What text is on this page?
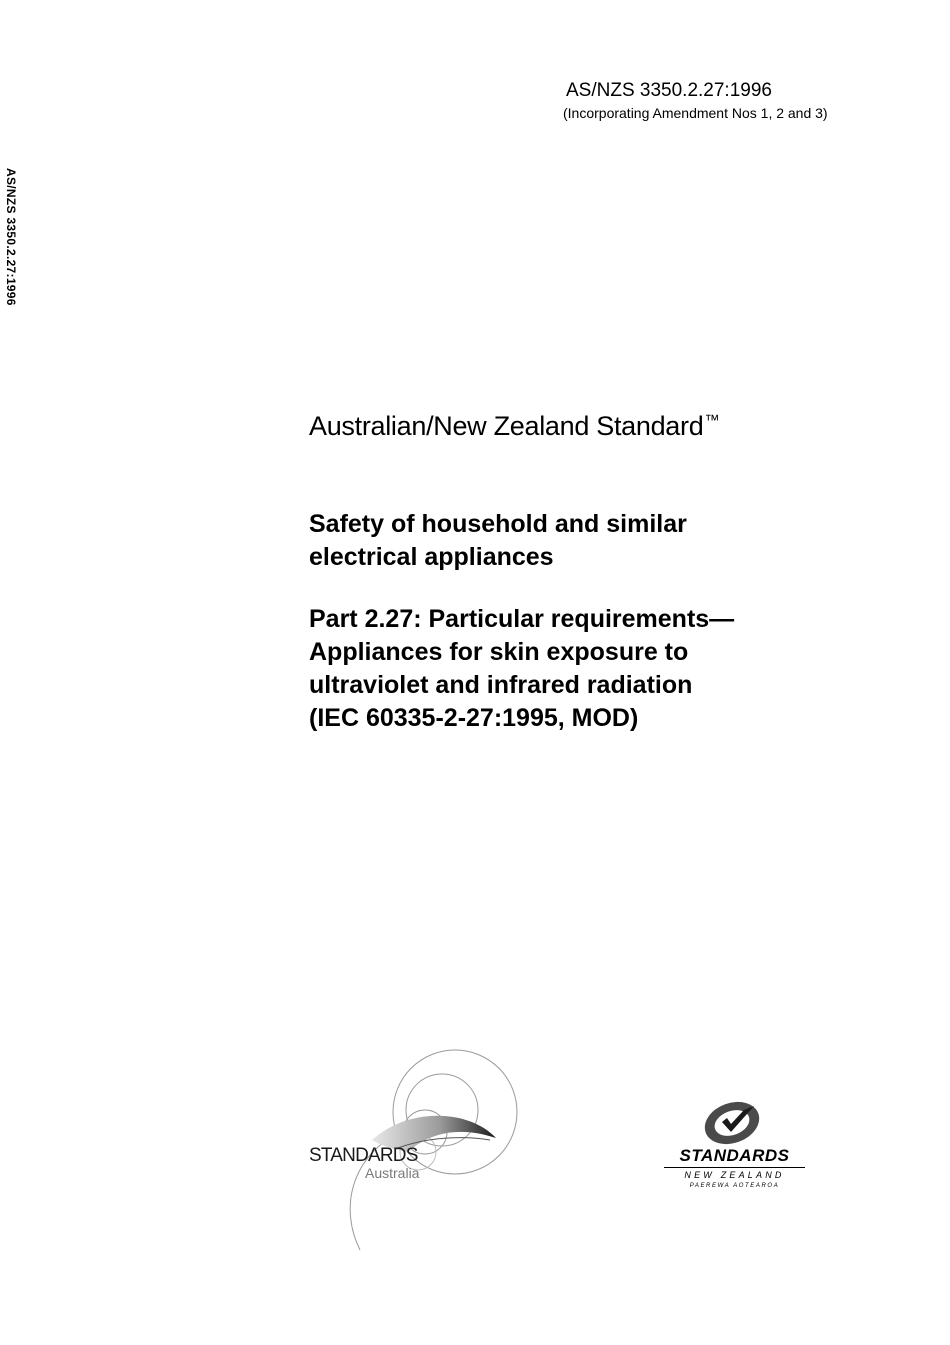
AS/NZS 3350.2.27:1996
(Incorporating Amendment Nos 1, 2 and 3)
AS/NZS 3350.2.27:1996
Australian/New Zealand Standard™
Safety of household and similar
electrical appliances
Part 2.27: Particular requirements—
Appliances for skin exposure to
ultraviolet and infrared radiation
(IEC 60335-2-27:1995, MOD)
STANDARDS
Australia
STANDARDS
NEW ZEALAND
PAEREWA AOTEAROA
